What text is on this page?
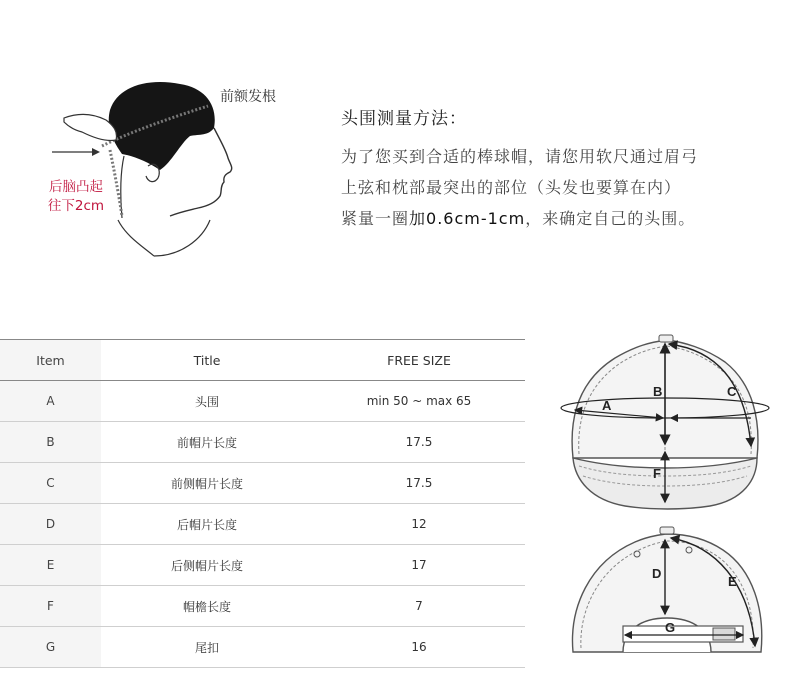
前额发根
后脑凸起
往下2cm
头围测量方法：
为了您买到合适的棒球帽，请您用软尺通过眉弓
上弦和枕部最突出的部位（头发也要算在内）
紧量一圈加0.6cm-1cm，来确定自己的头围。
Item	Title	FREE SIZE
A	头围	min 50 ~ max 65
B	前帽片长度	17.5
C	前侧帽片长度	17.5
D	后帽片长度	12
E	后侧帽片长度	17
F	帽檐长度	7
G	尾扣	16
A
B	C
F
D
E
G
